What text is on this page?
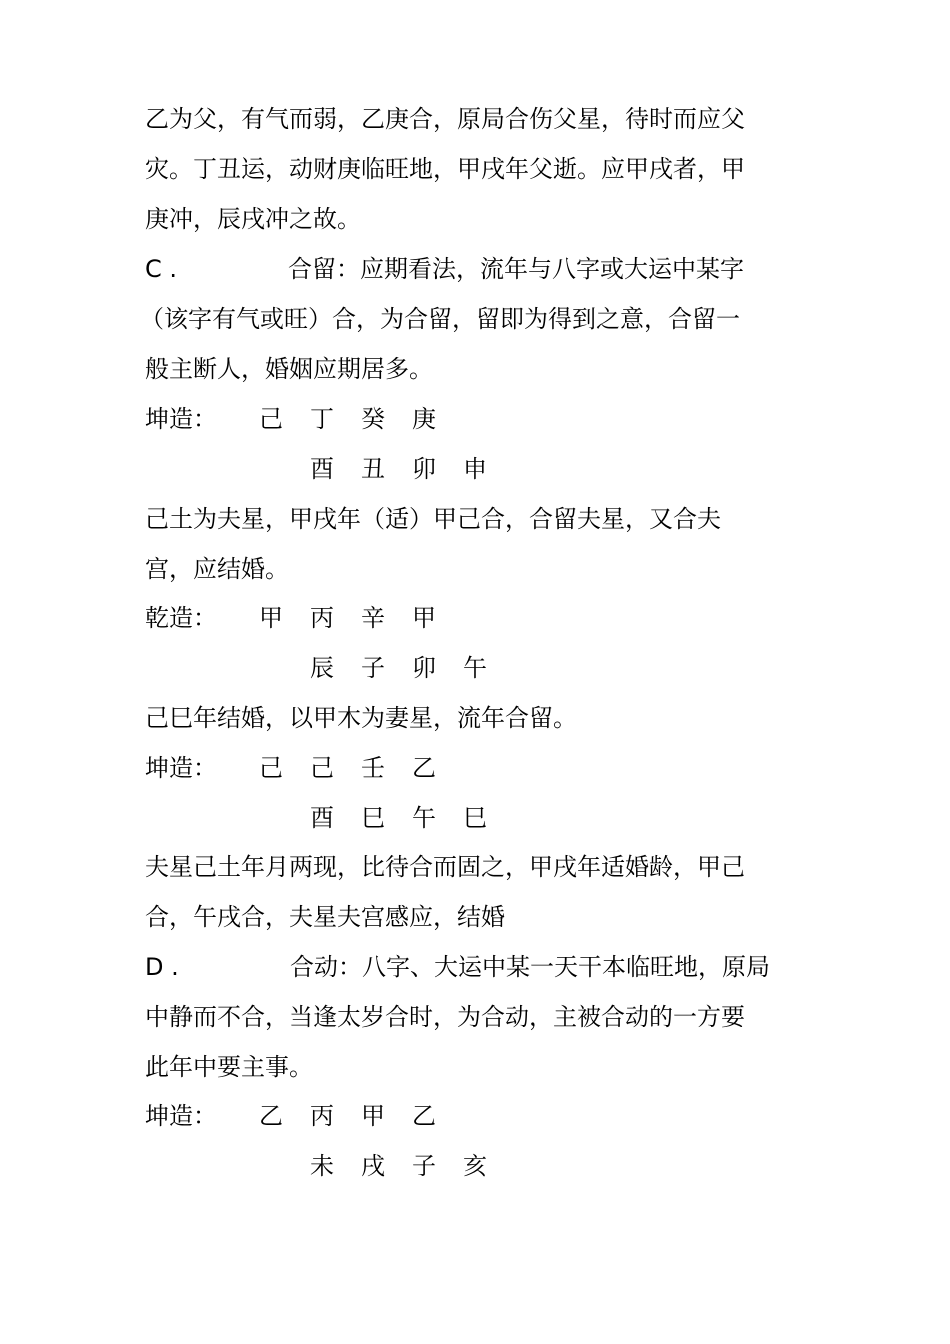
乙为父，有气而弱，乙庚合，原局合伤父星，待时而应父
灾。丁丑运，动财庚临旺地，甲戌年父逝。应甲戌者，甲
庚冲，辰戌冲之故。
C .	合留：应期看法，流年与八字或大运中某字
（该字有气或旺）合，为合留，留即为得到之意，合留一
般主断人，婚姻应期居多。
坤造： 己 丁 癸 庚
酉 丑 卯 申
己土为夫星，甲戌年（适）甲己合，合留夫星，又合夫
宫，应结婚。
乾造： 甲 丙 辛 甲
辰 子 卯 午
己巳年结婚，以甲木为妻星，流年合留。
坤造： 己 己 壬 乙
酉 巳 午 巳
夫星己土年月两现，比待合而固之，甲戌年适婚龄，甲己
合，午戌合，夫星夫宫感应，结婚
D .	合动：八字、大运中某一天干本临旺地，原局
中静而不合，当逢太岁合时，为合动，主被合动的一方要
此年中要主事。
坤造： 乙 丙 甲 乙
未 戌 子 亥
